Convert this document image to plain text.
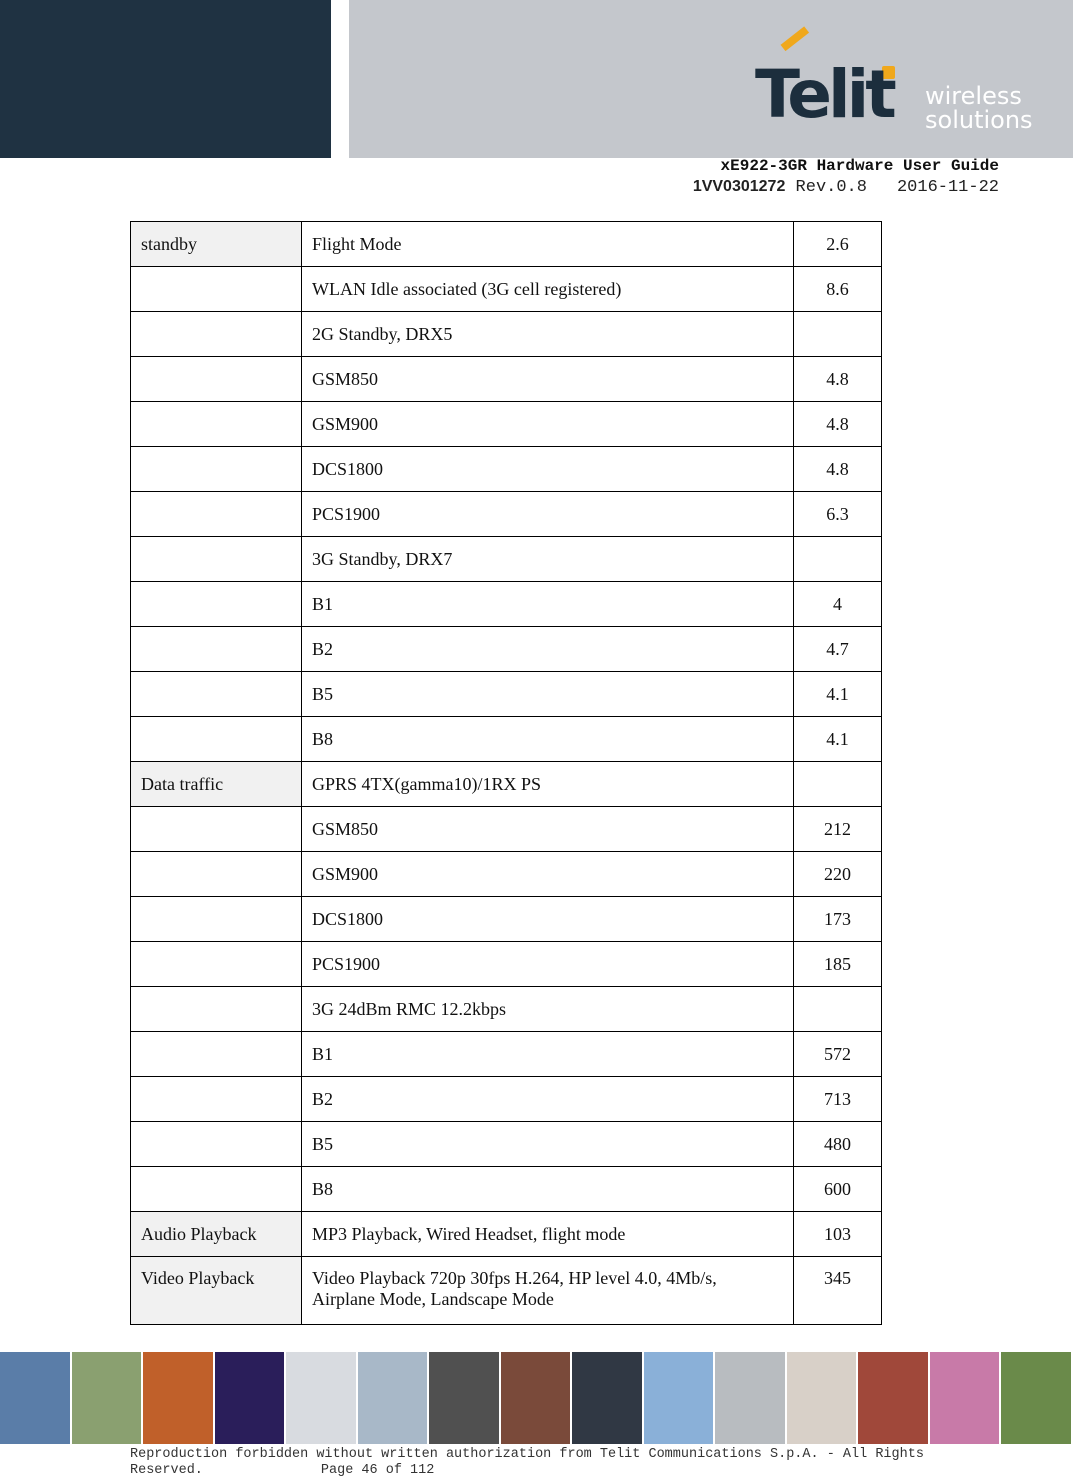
Telit wireless
solutions
xE922-3GR Hardware User Guide
1VV0301272 Rev.0.8 2016-11-22
standby	Flight Mode	2.6
	WLAN Idle associated (3G cell registered)	8.6
	2G Standby, DRX5	
	GSM850	4.8
	GSM900	4.8
	DCS1800	4.8
	PCS1900	6.3
	3G Standby, DRX7	
	B1	4
	B2	4.7
	B5	4.1
	B8	4.1
Data traffic	GPRS 4TX(gamma10)/1RX PS	
	GSM850	212
	GSM900	220
	DCS1800	173
	PCS1900	185
	3G 24dBm RMC 12.2kbps	
	B1	572
	B2	713
	B5	480
	B8	600
Audio Playback	MP3 Playback, Wired Headset, flight mode	103
Video Playback	Video Playback 720p 30fps H.264, HP level 4.0, 4Mb/s, Airplane Mode, Landscape Mode	345
Reproduction forbidden without written authorization from Telit Communications S.p.A. - All Rights
Reserved.	Page 46 of 112
